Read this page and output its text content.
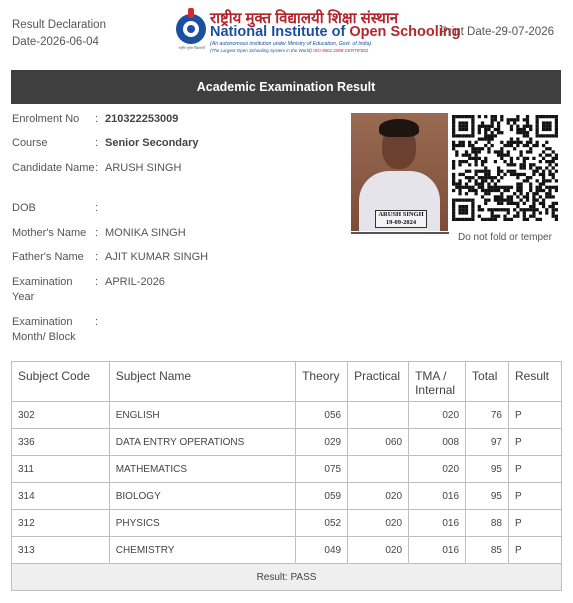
Result Declaration
Date-2026-06-04	राष्ट्रीय मुक्त विद्यालयी
राष्ट्रीय मुक्त विद्यालयी शिक्षा संस्थान
National Institute of Open Schooling
(An autonomous institution under Ministry of Education, Govt. of India)
(The Largest Open Schooling System in the World) ISO 9001:2008 CERTIFIED
Print Date-29-07-2026
Academic Examination Result
Enrolment No	: 210322253009
Course	: Senior Secondary
Candidate Name : ARUSH SINGH
DOB	:
Mother's Name : MONIKA SINGH
Father's Name	: AJIT KUMAR SINGH
Examination Year
: APRIL-2026
Examination Month/ Block
:
ARUSH SINGH
19-09-2024
Do not fold or temper
Subject Code	Subject Name	Theory	Practical	TMA / Internal	Total	Result
302	ENGLISH	056		020	76	P
336	DATA ENTRY OPERATIONS	029	060	008	97	P
311	MATHEMATICS	075		020	95	P
314	BIOLOGY	059	020	016	95	P
312	PHYSICS	052	020	016	88	P
313	CHEMISTRY	049	020	016	85	P
Result: PASS						
